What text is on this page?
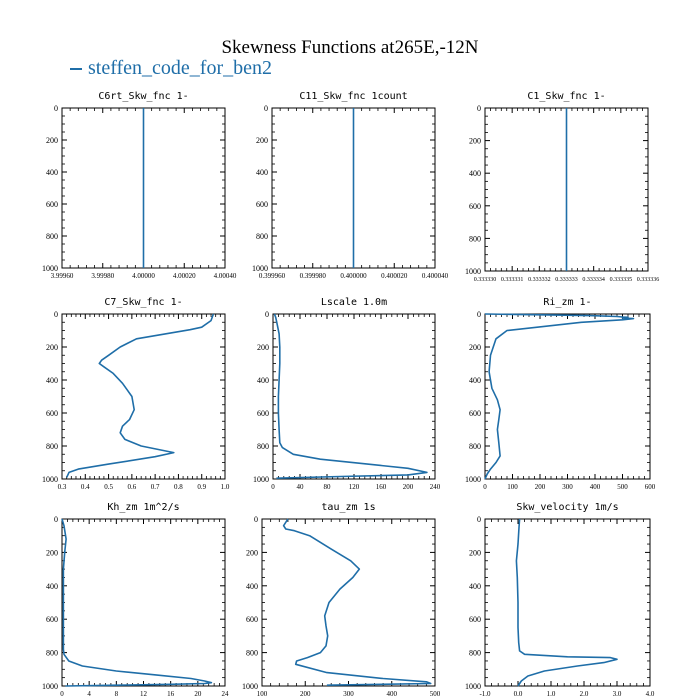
Skewness Functions at265E,-12N
steffen_code_for_ben2
C6rt_Skw_fnc 1-
0
200
400
600
800
1000
3.99960	3.99980	4.00000	4.00020	4.00040
C11_Skw_fnc 1count
0
200
400
600
800
1000
0.399960 0.399980 0.400000 0.400020 0.400040
C1_Skw_fnc 1-
0
200
400
600
800
1000
0.333330 0.333331 0.333332 0.333333 0.333334 0.333335 0.333336
C7_Skw_fnc 1-
0
200
400
600
800
1000
0.3 0.4 0.5 0.6 0.7 0.8 0.9 1.0
Lscale 1.0m
0
200
400
600
800
1000
0	40	80	120 160 200 240
Ri_zm 1-
0
200
400
600
800
1000
0	100 200 300 400 500 600
Kh_zm 1m^2/s
0
200
400
600
800
1000
0	4	8	12	16	20	24
tau_zm 1s
0
200
400
600
800
1000
100	200	300	400	500
Skw_velocity 1m/s
0
200
400
600
800
1000
-1.0	0.0	1.0	2.0	3.0	4.0
